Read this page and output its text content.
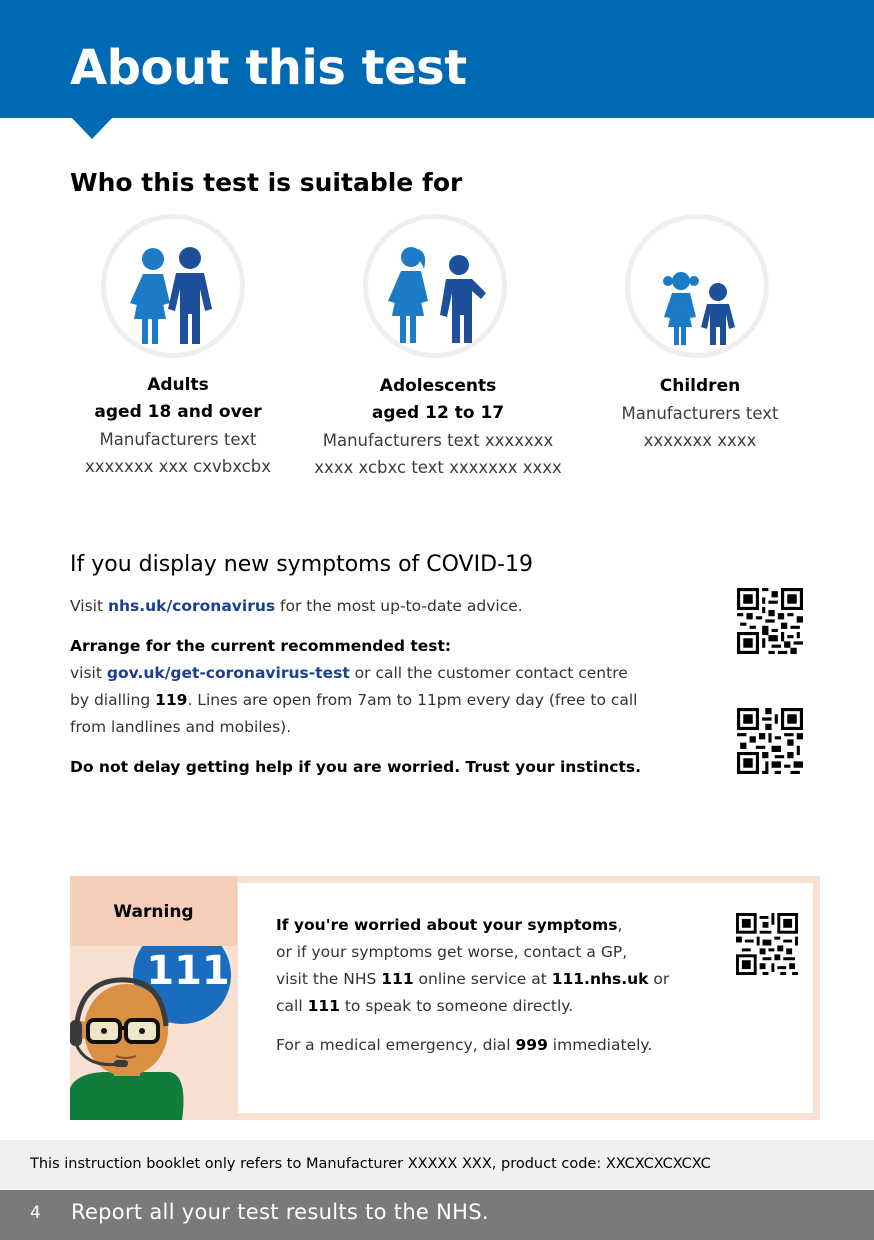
About this test
Who this test is suitable for
Adults
aged 18 and over
Manufacturers text
xxxxxxx xxx cxvbxcbx
Adolescents
aged 12 to 17
Manufacturers text xxxxxxx
xxxx xcbxc text xxxxxxx xxxx
Children
Manufacturers text
xxxxxxx xxxx
If you display new symptoms of COVID-19
Visit nhs.uk/coronavirus for the most up-to-date advice.
Arrange for the current recommended test:
visit gov.uk/get-coronavirus-test or call the customer contact centre
by dialling 119. Lines are open from 7am to 11pm every day (free to call
from landlines and mobiles).
Do not delay getting help if you are worried. Trust your instincts.
Warning
111
If you're worried about your symptoms,
or if your symptoms get worse, contact a GP,
visit the NHS 111 online service at 111.nhs.uk or
call 111 to speak to someone directly.
For a medical emergency, dial 999 immediately.
This instruction booklet only refers to Manufacturer XXXXX XXX, product code: XXCXCXCXCXC
4 Report all your test results to the NHS.
